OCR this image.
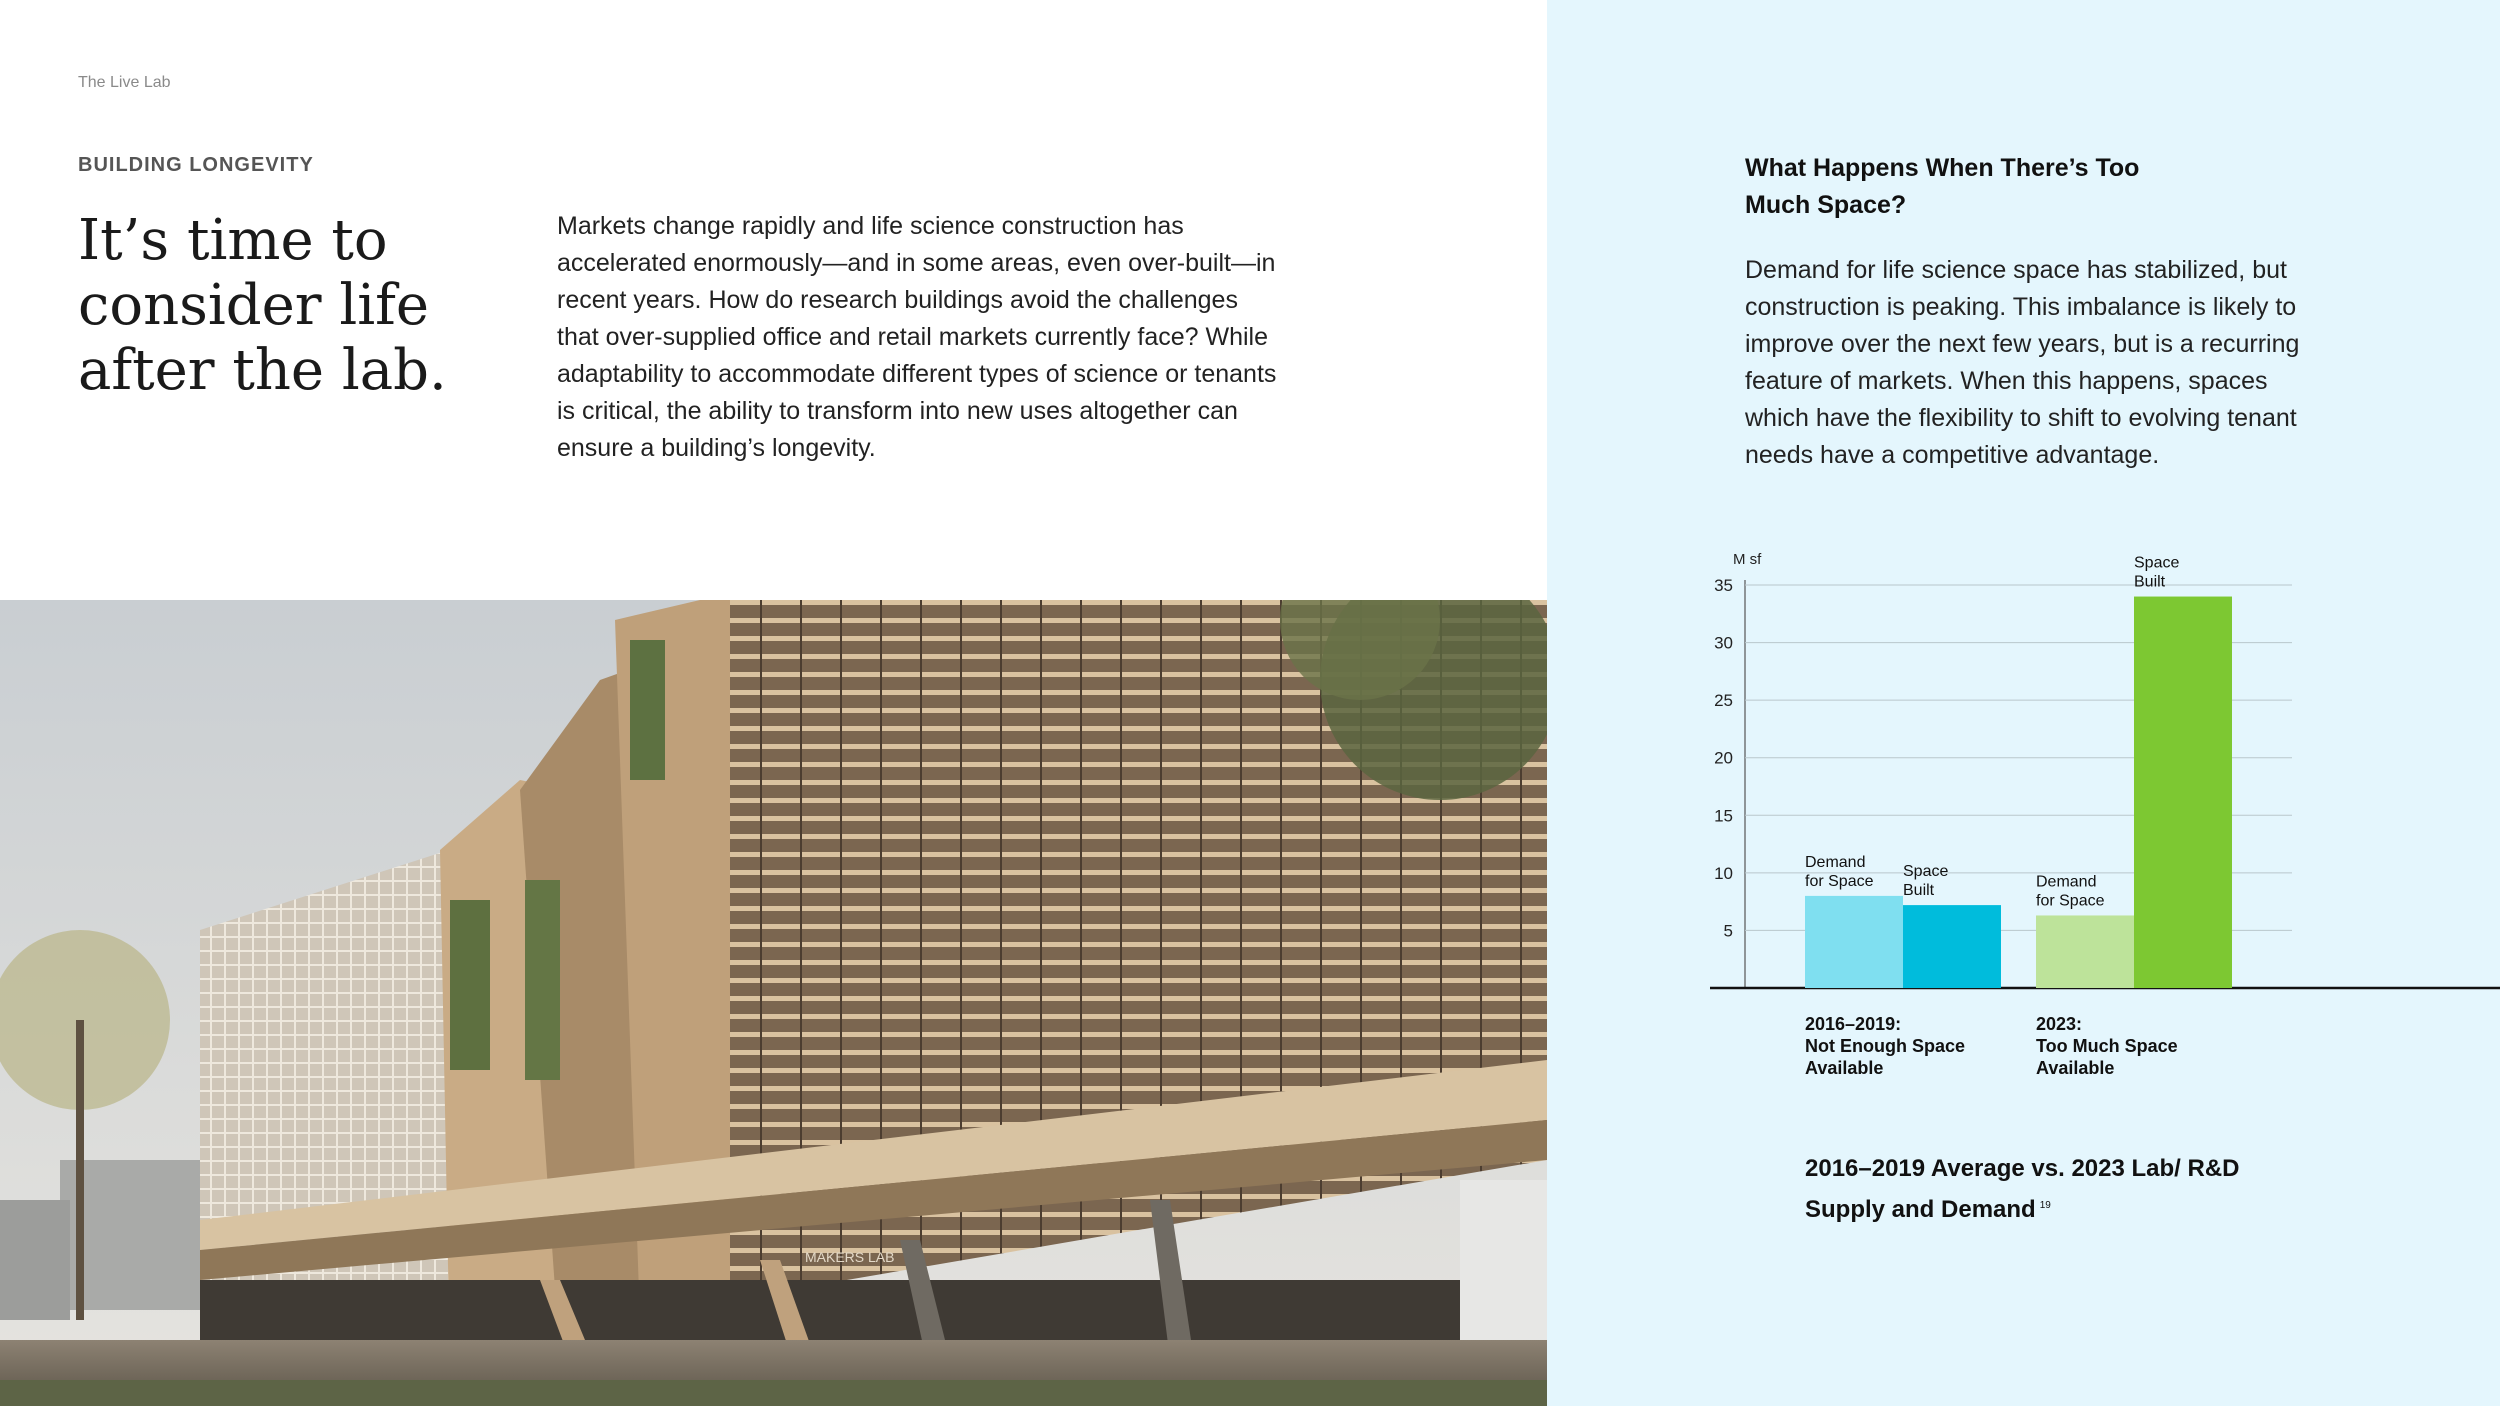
The Live Lab
BUILDING LONGEVITY
It’s time to consider life after the lab.

Markets change rapidly and life science construction has accelerated enormously—and in some areas, even over-built—in recent years. How do research buildings avoid the challenges that over-supplied office and retail markets currently face? While adaptability to accommodate different types of science or tenants is critical, the ability to transform into new uses altogether can ensure a building’s longevity.

MAKERS LAB
What Happens When There’s Too Much Space?

Demand for life science space has stabilized, but construction is peaking. This imbalance is likely to improve over the next few years, but is a recurring feature of markets. When this happens, spaces which have the flexibility to shift to evolving tenant needs have a competitive advantage.

M sf
5
10
15
20
25
30
35
Demand for Space
Space Built
Demand for Space
Space Built
2016–2019:
Not Enough Space
Available
2023:
Too Much Space
Available
2016–2019 Average vs. 2023 Lab/ R&D Supply and Demand $^{19}$
